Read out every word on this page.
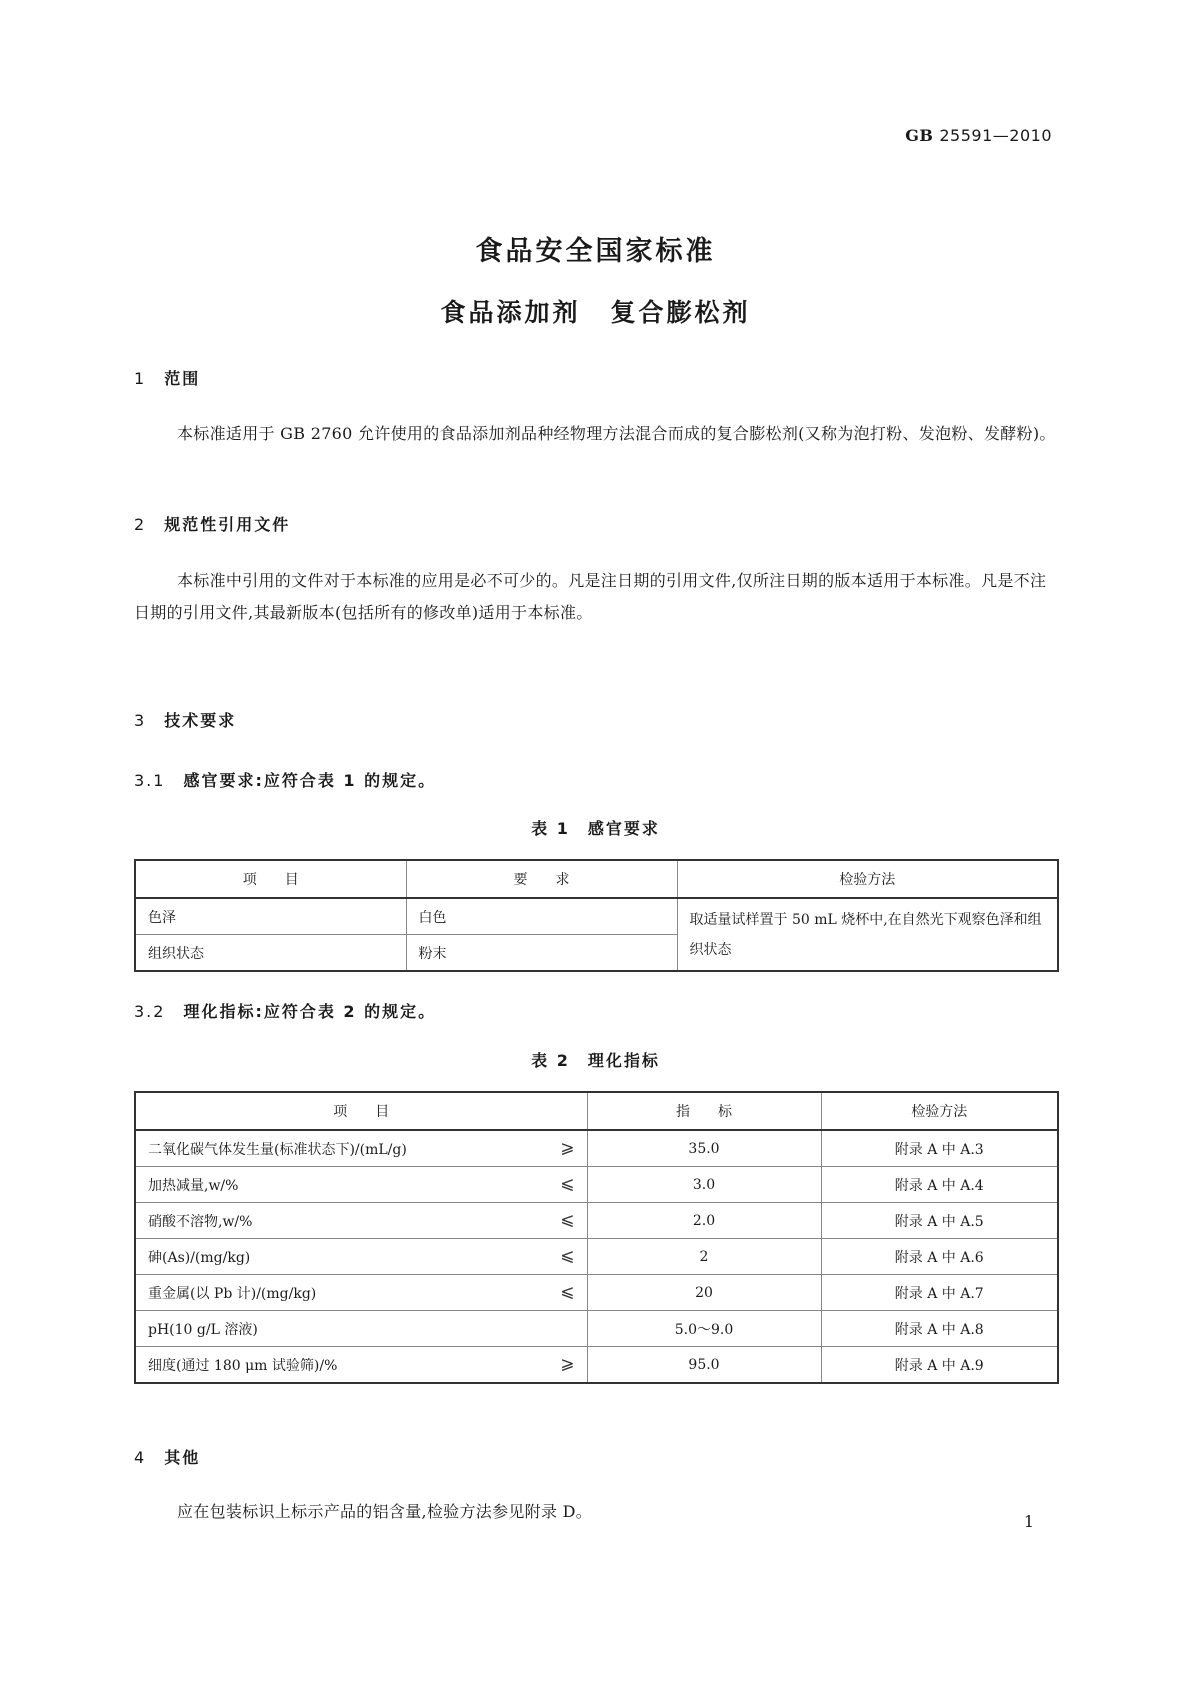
GB 25591—2010
食品安全国家标准
食品添加剂 复合膨松剂
1 范围
本标准适用于 GB 2760 允许使用的食品添加剂品种经物理方法混合而成的复合膨松剂(又称为泡打粉、发泡粉、发酵粉)。
2 规范性引用文件
本标准中引用的文件对于本标准的应用是必不可少的。凡是注日期的引用文件,仅所注日期的版本适用于本标准。凡是不注日期的引用文件,其最新版本(包括所有的修改单)适用于本标准。
3 技术要求
3.1 感官要求:应符合表 1 的规定。
表 1　感官要求
项　　目	要　　求	检验方法
色泽	白色	取适量试样置于 50 mL 烧杯中,在自然光下观察色泽和组织状态
组织状态	粉末	
3.2 理化指标:应符合表 2 的规定。
表 2　理化指标
项　　目	指　　标	检验方法
二氧化碳气体发生量(标准状态下)/(mL/g) ⩾	35.0	附录 A 中 A.3
加热减量,w/% ⩽	3.0	附录 A 中 A.4
硝酸不溶物,w/% ⩽	2.0	附录 A 中 A.5
砷(As)/(mg/kg) ⩽	2	附录 A 中 A.6
重金属(以 Pb 计)/(mg/kg) ⩽	20	附录 A 中 A.7
pH(10 g/L 溶液)	5.0～9.0	附录 A 中 A.8
细度(通过 180 μm 试验筛)/% ⩾	95.0	附录 A 中 A.9
4 其他
应在包装标识上标示产品的铝含量,检验方法参见附录 D。
1
